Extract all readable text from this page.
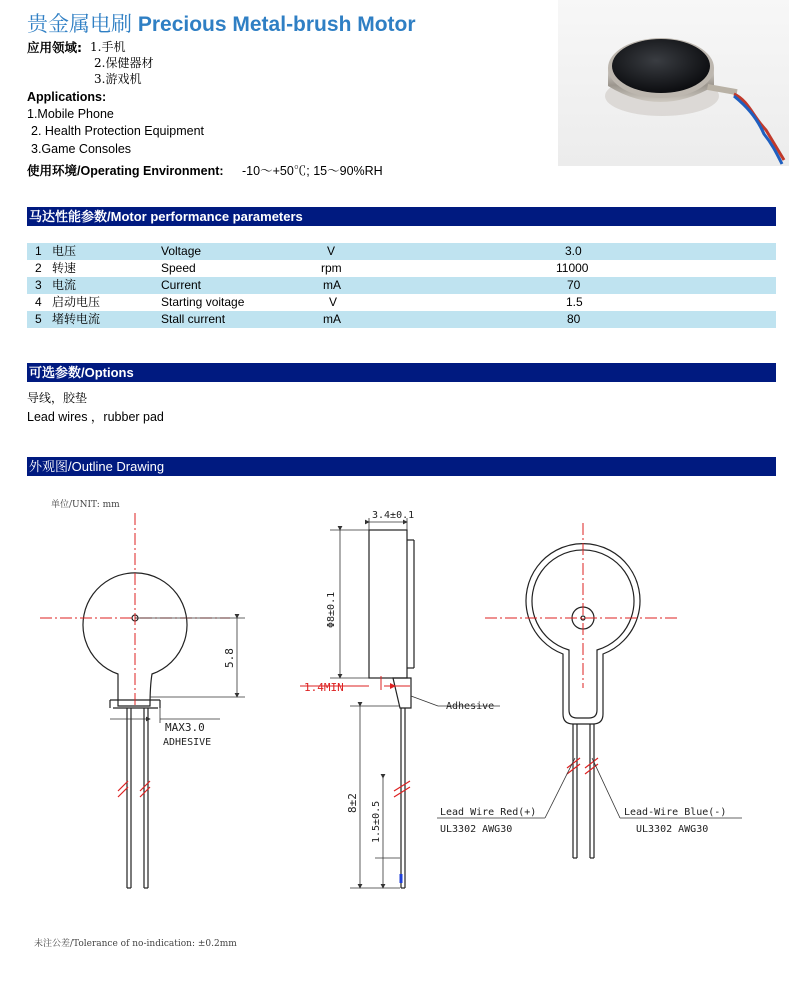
贵金属电刷 Precious Metal-brush Motor
应用领域: 1.手机
2.保健器材
3.游戏机
Applications:
1.Mobile Phone
2. Health Protection Equipment
3.Game Consoles
使用环境/Operating Environment: -10～+50℃; 15～90%RH
马达性能参数/Motor performance parameters
1 电压	Voltage	V	3.0
2 转速	Speed	rpm	11000
3 电流	Current	mA	70
4 启动电压	Starting voitage	V	1.5
5 堵转电流	Stall current	mA	80
可选参数/Options
导线，胶垫
Lead wires ，rubber pad
外观图/Outline Drawing
单位/UNIT: mm
5.8
MAX3.0
ADHESIVE
3.4±0.1
Φ8±0.1
1.4MIN
Adhesive
8±2 1.5±0.5	Lead Wire Red(+)
UL3302 AWG30
Lead-Wire Blue(-)
UL3302 AWG30
未注公差/Tolerance of no-indication: ±0.2mm
